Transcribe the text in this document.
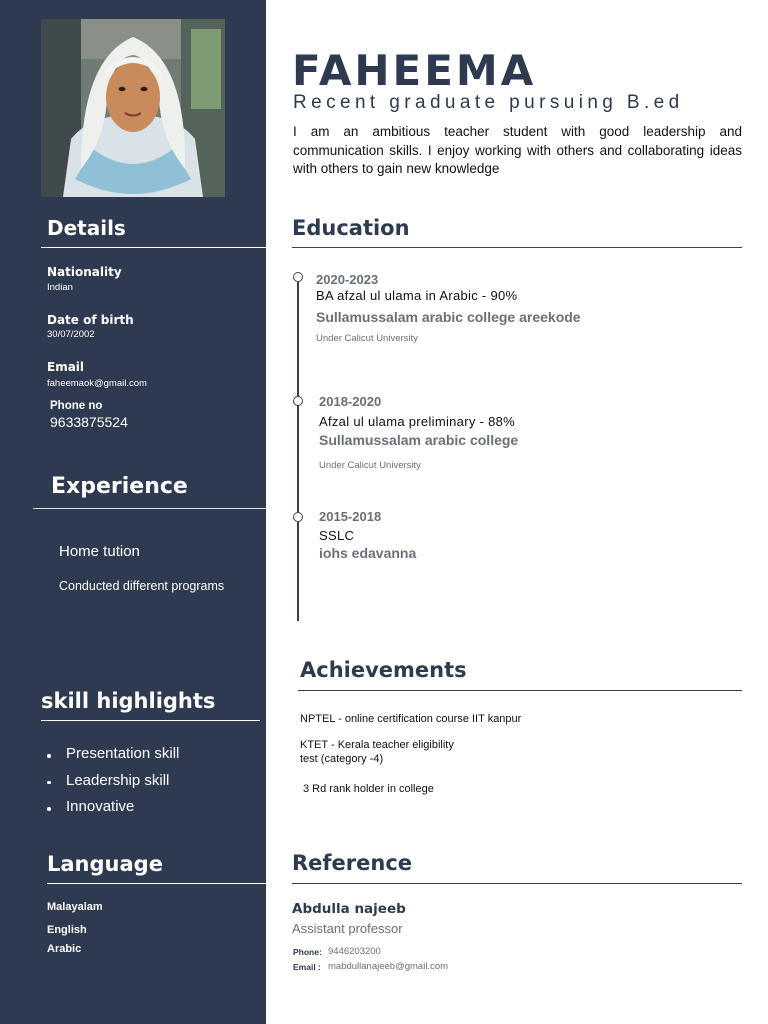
Details
Nationality
Indian
Date of birth
30/07/2002
Email
faheemaok@gmail.com
Phone no
9633875524
Experience
Home tution
Conducted different programs
skill highlights
Presentation skill
Leadership skill
Innovative
Language
Malayalam
English
Arabic
FAHEEMA
Recent graduate pursuing B.ed
I am an ambitious teacher student with good leadership and communication skills. I enjoy working with others and collaborating ideas with others to gain new knowledge
Education
2020-2023
BA afzal ul ulama in Arabic - 90%
Sullamussalam arabic college areekode
Under Calicut University
2018-2020
Afzal ul ulama preliminary - 88%
Sullamussalam arabic college
Under Calicut University
2015-2018
SSLC
iohs edavanna
Achievements
NPTEL - online certification course IIT kanpur
KTET - Kerala teacher eligibility
test (category -4)
3 Rd rank holder in college
Reference
Abdulla najeeb
Assistant professor
Phone: 9446203200
Email : mabdullanajeeb@gmail.com
